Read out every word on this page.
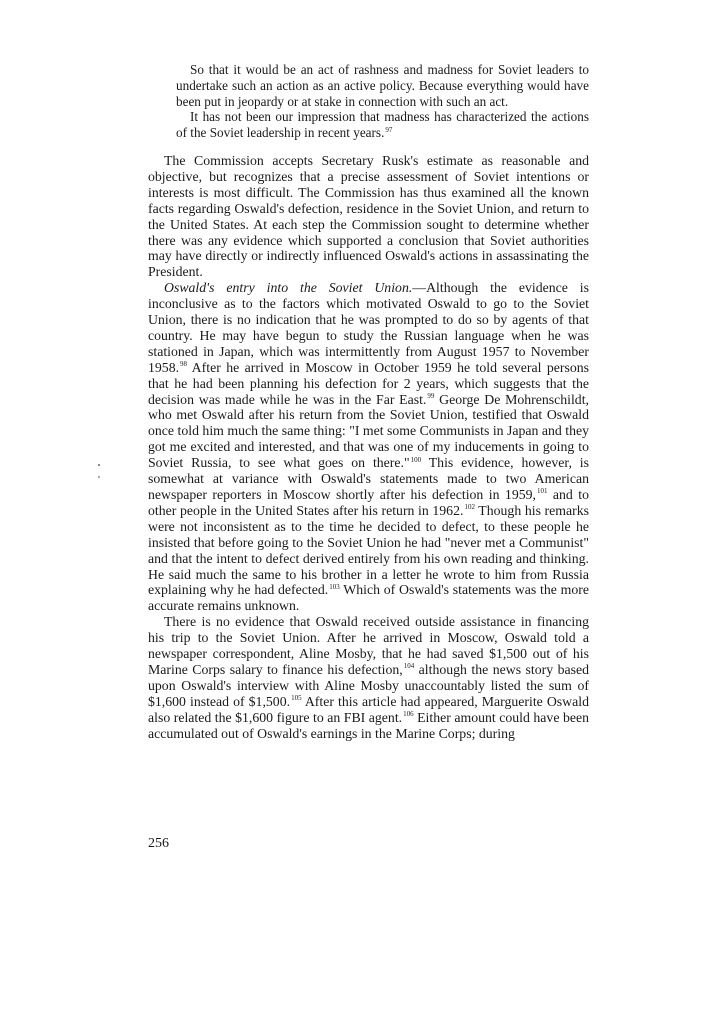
So that it would be an act of rashness and madness for Soviet leaders to undertake such an action as an active policy. Because everything would have been put in jeopardy or at stake in connection with such an act.

It has not been our impression that madness has characterized the actions of the Soviet leadership in recent years.$^{97}$

The Commission accepts Secretary Rusk's estimate as reasonable and objective, but recognizes that a precise assessment of Soviet intentions or interests is most difficult. The Commission has thus examined all the known facts regarding Oswald's defection, residence in the Soviet Union, and return to the United States. At each step the Commission sought to determine whether there was any evidence which supported a conclusion that Soviet authorities may have directly or indirectly influenced Oswald's actions in assassinating the President.

Oswald's entry into the Soviet Union.—Although the evidence is inconclusive as to the factors which motivated Oswald to go to the Soviet Union, there is no indication that he was prompted to do so by agents of that country. He may have begun to study the Russian language when he was stationed in Japan, which was intermittently from August 1957 to November 1958.98 After he arrived in Moscow in October 1959 he told several persons that he had been planning his defection for 2 years, which suggests that the decision was made while he was in the Far East.$^{99}$ George De Mohrenschildt, who met Oswald after his return from the Soviet Union, testified that Oswald once told him much the same thing: "I met some Communists in Japan and they got me excited and interested, and that was one of my inducements in going to Soviet Russia, to see what goes on there."$^{100}$ This evidence, however, is somewhat at variance with Oswald's statements made to two American newspaper reporters in Moscow shortly after his defection in 1959,$^{101}$ and to other people in the United States after his return in 1962.$^{102}$ Though his remarks were not inconsistent as to the time he decided to defect, to these people he insisted that before going to the Soviet Union he had "never met a Communist" and that the intent to defect derived entirely from his own reading and thinking. He said much the same to his brother in a letter he wrote to him from Russia explaining why he had defected.$^{103}$ Which of Oswald's statements was the more accurate remains unknown.

There is no evidence that Oswald received outside assistance in financing his trip to the Soviet Union. After he arrived in Moscow, Oswald told a newspaper correspondent, Aline Mosby, that he had saved $1,500 out of his Marine Corps salary to finance his defection,$^{104}$ although the news story based upon Oswald's interview with Aline Mosby unaccountably listed the sum of $1,600 instead of $1,500.$^{105}$ After this article had appeared, Marguerite Oswald also related the $1,600 figure to an FBI agent.$^{106}$ Either amount could have been accumulated out of Oswald's earnings in the Marine Corps; during

256
